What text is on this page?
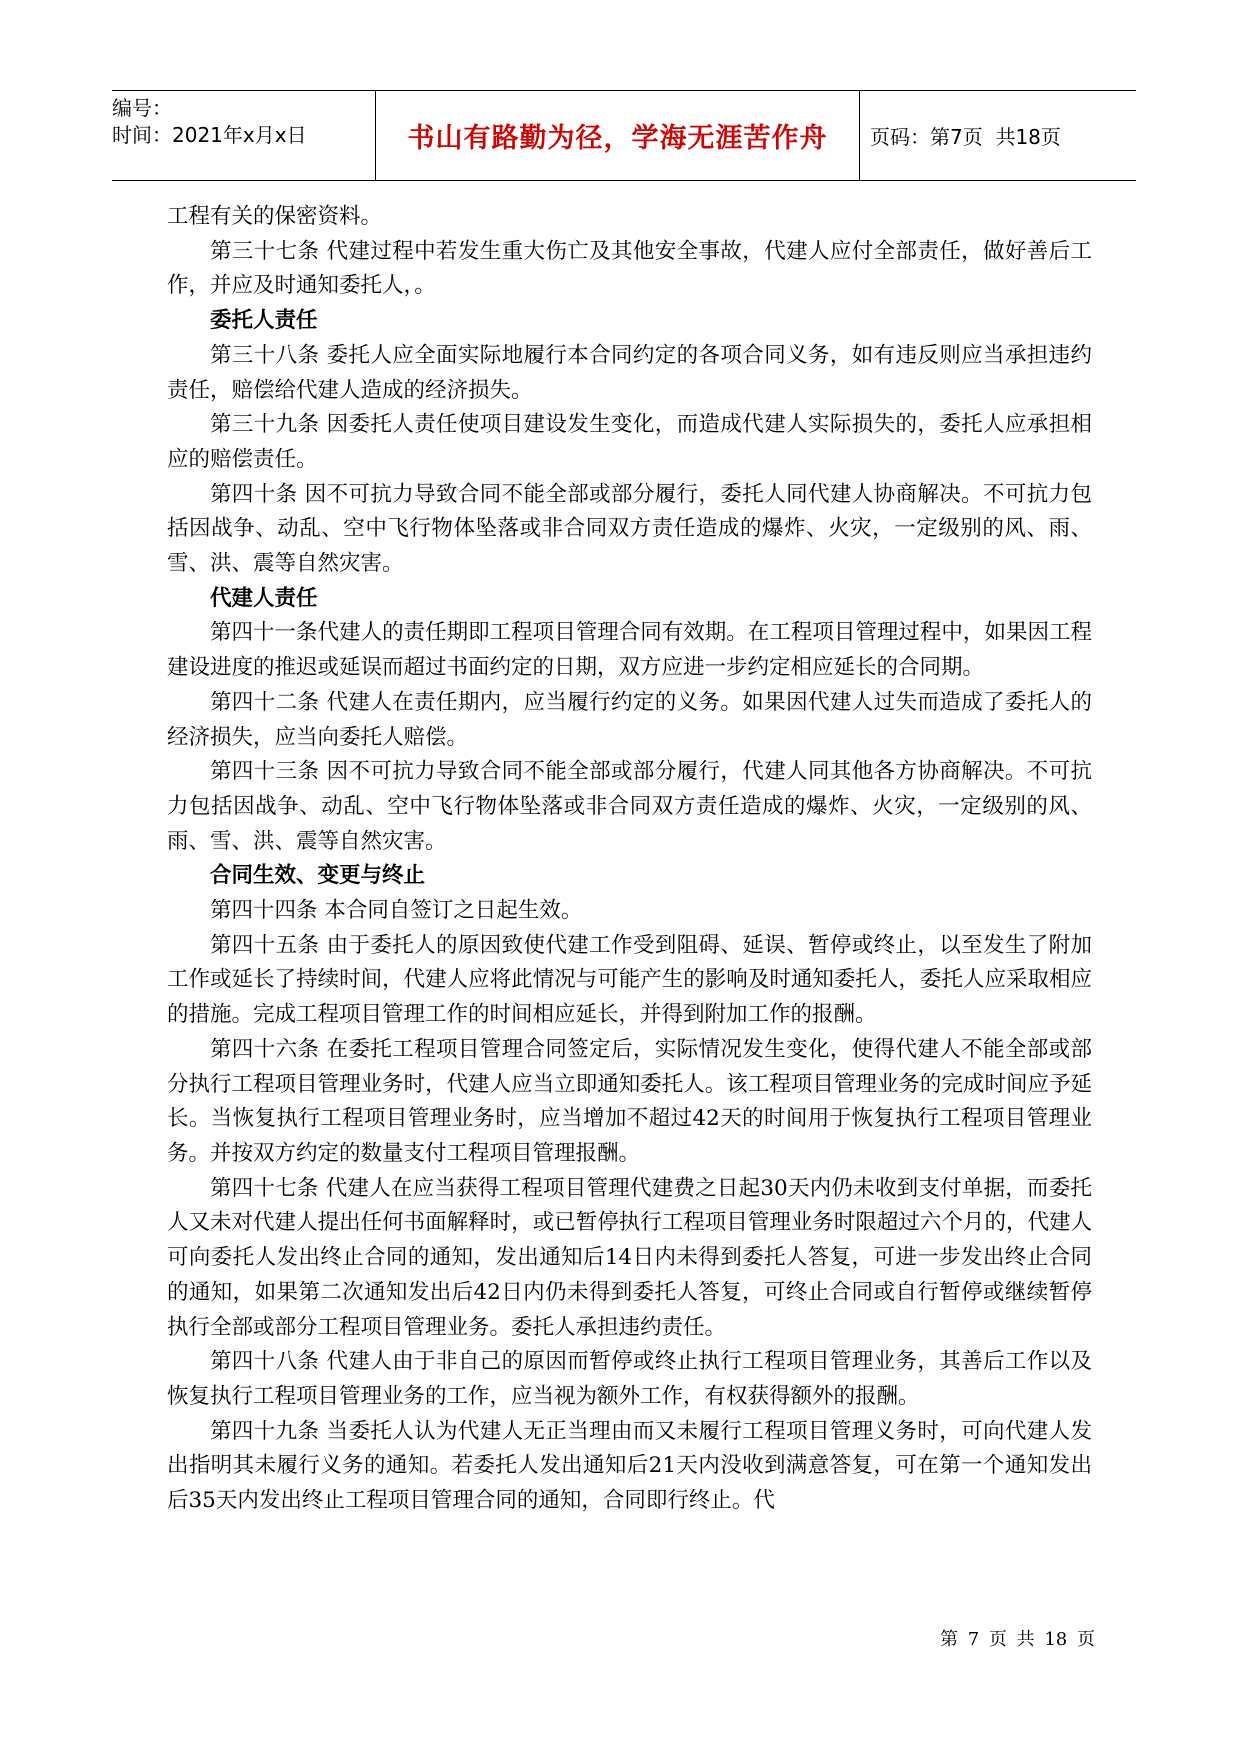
编号：
时间：2021年x月x日	书山有路勤为径，学海无涯苦作舟 页码：第7页  共18页

工程有关的保密资料。

第三十七条 代建过程中若发生重大伤亡及其他安全事故，代建人应付全部责任，做好善后工作，并应及时通知委托人，。

委托人责任

第三十八条 委托人应全面实际地履行本合同约定的各项合同义务，如有违反则应当承担违约责任，赔偿给代建人造成的经济损失。

第三十九条 因委托人责任使项目建设发生变化，而造成代建人实际损失的，委托人应承担相应的赔偿责任。

第四十条 因不可抗力导致合同不能全部或部分履行，委托人同代建人协商解决。不可抗力包括因战争、动乱、空中飞行物体坠落或非合同双方责任造成的爆炸、火灾，一定级别的风、雨、雪、洪、震等自然灾害。

代建人责任

第四十一条代建人的责任期即工程项目管理合同有效期。在工程项目管理过程中，如果因工程建设进度的推迟或延误而超过书面约定的日期，双方应进一步约定相应延长的合同期。

第四十二条 代建人在责任期内，应当履行约定的义务。如果因代建人过失而造成了委托人的经济损失，应当向委托人赔偿。

第四十三条 因不可抗力导致合同不能全部或部分履行，代建人同其他各方协商解决。不可抗力包括因战争、动乱、空中飞行物体坠落或非合同双方责任造成的爆炸、火灾，一定级别的风、雨、雪、洪、震等自然灾害。

合同生效、变更与终止

第四十四条 本合同自签订之日起生效。

第四十五条 由于委托人的原因致使代建工作受到阻碍、延误、暂停或终止，以至发生了附加工作或延长了持续时间，代建人应将此情况与可能产生的影响及时通知委托人，委托人应采取相应的措施。完成工程项目管理工作的时间相应延长，并得到附加工作的报酬。

第四十六条 在委托工程项目管理合同签定后，实际情况发生变化，使得代建人不能全部或部分执行工程项目管理业务时，代建人应当立即通知委托人。该工程项目管理业务的完成时间应予延长。当恢复执行工程项目管理业务时，应当增加不超过42天的时间用于恢复执行工程项目管理业务。并按双方约定的数量支付工程项目管理报酬。

第四十七条 代建人在应当获得工程项目管理代建费之日起30天内仍未收到支付单据，而委托人又未对代建人提出任何书面解释时，或已暂停执行工程项目管理业务时限超过六个月的，代建人可向委托人发出终止合同的通知，发出通知后14日内未得到委托人答复，可进一步发出终止合同的通知，如果第二次通知发出后42日内仍未得到委托人答复，可终止合同或自行暂停或继续暂停执行全部或部分工程项目管理业务。委托人承担违约责任。

第四十八条 代建人由于非自己的原因而暂停或终止执行工程项目管理业务，其善后工作以及恢复执行工程项目管理业务的工作，应当视为额外工作，有权获得额外的报酬。

第四十九条 当委托人认为代建人无正当理由而又未履行工程项目管理义务时，可向代建人发出指明其未履行义务的通知。若委托人发出通知后21天内没收到满意答复，可在第一个通知发出后35天内发出终止工程项目管理合同的通知，合同即行终止。代

第 7 页 共 18 页
